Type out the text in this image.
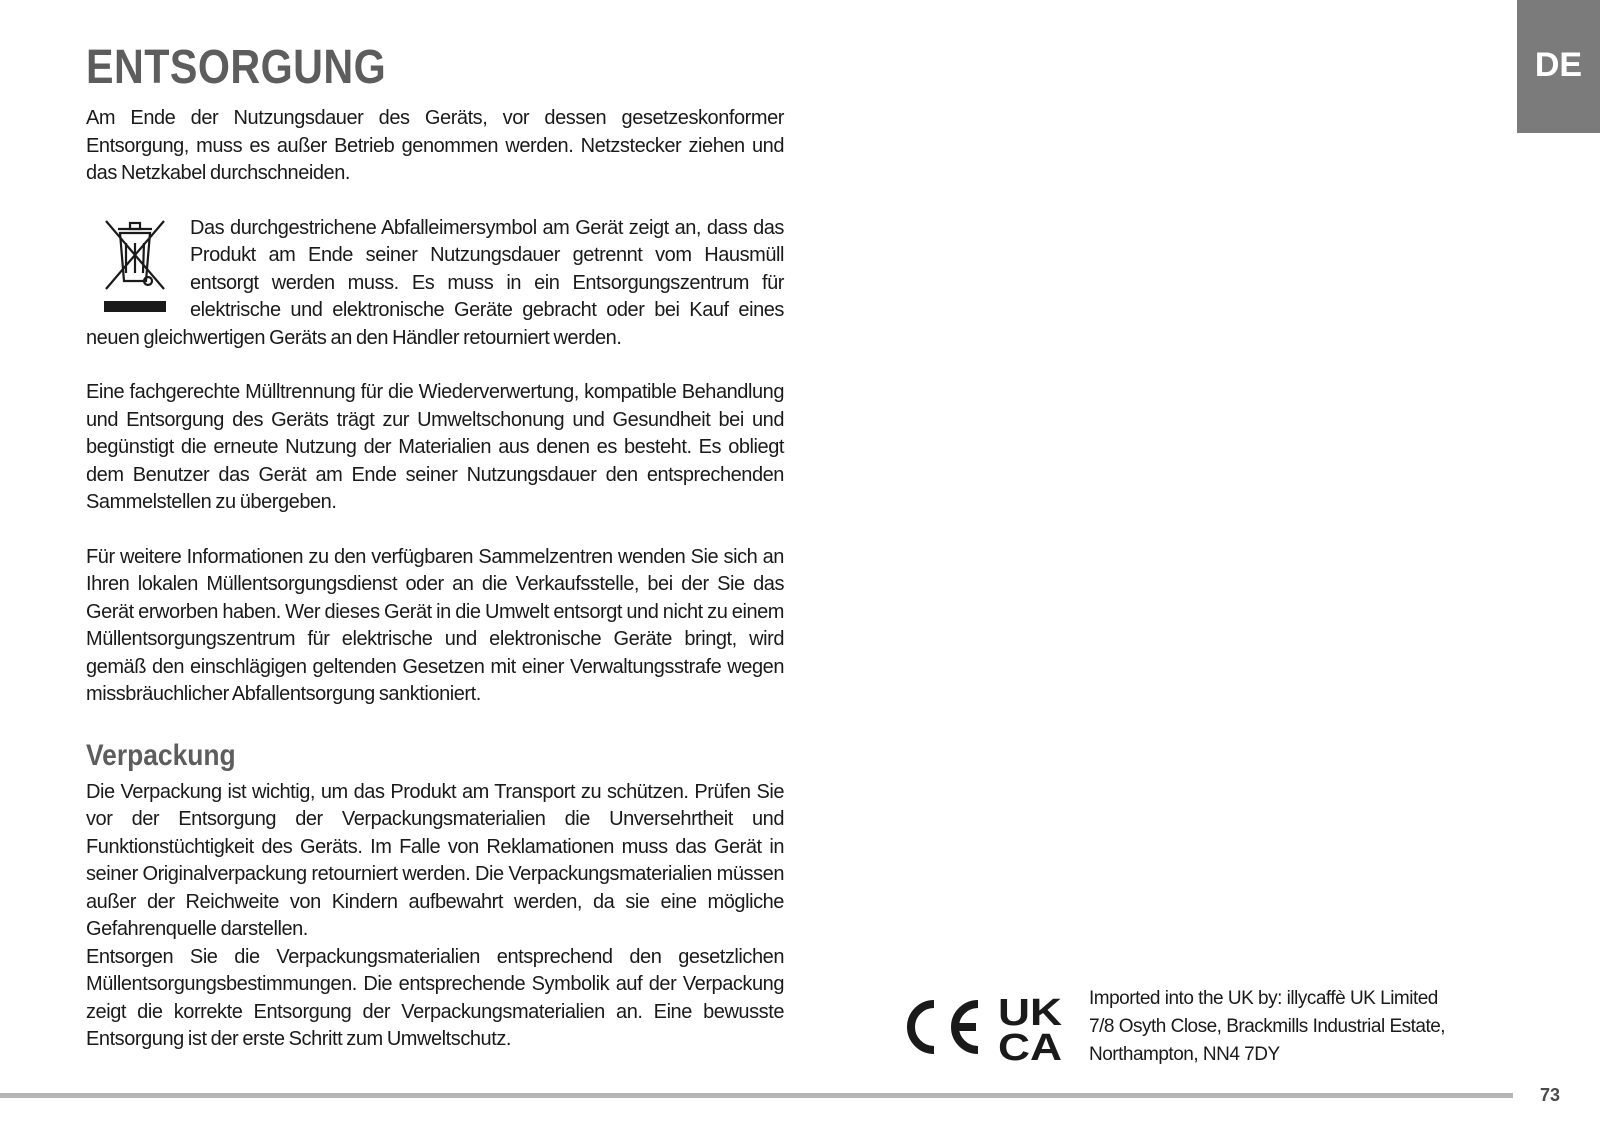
DE
ENTSORGUNG

Am Ende der Nutzungsdauer des Geräts, vor dessen gesetzeskonformer Entsorgung, muss es außer Betrieb genommen werden. Netzstecker ziehen und das Netzkabel durchschneiden.

Das durchgestrichene Abfalleimersymbol am Gerät zeigt an, dass das Produkt am Ende seiner Nutzungsdauer getrennt vom Hausmüll entsorgt werden muss. Es muss in ein Entsorgungszentrum für elektrische und elektronische Geräte gebracht oder bei Kauf eines neuen gleichwertigen Geräts an den Händler retourniert werden.

Eine fachgerechte Mülltrennung für die Wiederverwertung, kompatible Behandlung und Entsorgung des Geräts trägt zur Umweltschonung und Gesundheit bei und begünstigt die erneute Nutzung der Materialien aus denen es besteht. Es obliegt dem Benutzer das Gerät am Ende seiner Nutzungsdauer den entsprechenden Sammelstellen zu übergeben.

Für weitere Informationen zu den verfügbaren Sammelzentren wenden Sie sich an Ihren lokalen Müllentsorgungsdienst oder an die Verkaufsstelle, bei der Sie das Gerät erworben haben. Wer dieses Gerät in die Umwelt entsorgt und nicht zu einem Müllentsorgungszentrum für elektrische und elektronische Geräte bringt, wird gemäß den einschlägigen geltenden Gesetzen mit einer Verwaltungsstrafe wegen missbräuchlicher Abfallentsorgung sanktioniert.

Verpackung

Die Verpackung ist wichtig, um das Produkt am Transport zu schützen. Prüfen Sie vor der Entsorgung der Verpackungsmaterialien die Unversehrtheit und Funktionstüchtigkeit des Geräts. Im Falle von Reklamationen muss das Gerät in seiner Originalverpackung retourniert werden. Die Verpackungsmaterialien müssen außer der Reichweite von Kindern aufbewahrt werden, da sie eine mögliche Gefahrenquelle darstellen.

Entsorgen Sie die Verpackungsmaterialien entsprechend den gesetzlichen Müllentsorgungsbestimmungen. Die entsprechende Symbolik auf der Verpackung zeigt die korrekte Entsorgung der Verpackungsmaterialien an. Eine bewusste Entsorgung ist der erste Schritt zum Umweltschutz.

CE	UK
CA
Imported into the UK by: illycaffè UK Limited
7/8 Osyth Close, Brackmills Industrial Estate,
Northampton, NN4 7DY
73
